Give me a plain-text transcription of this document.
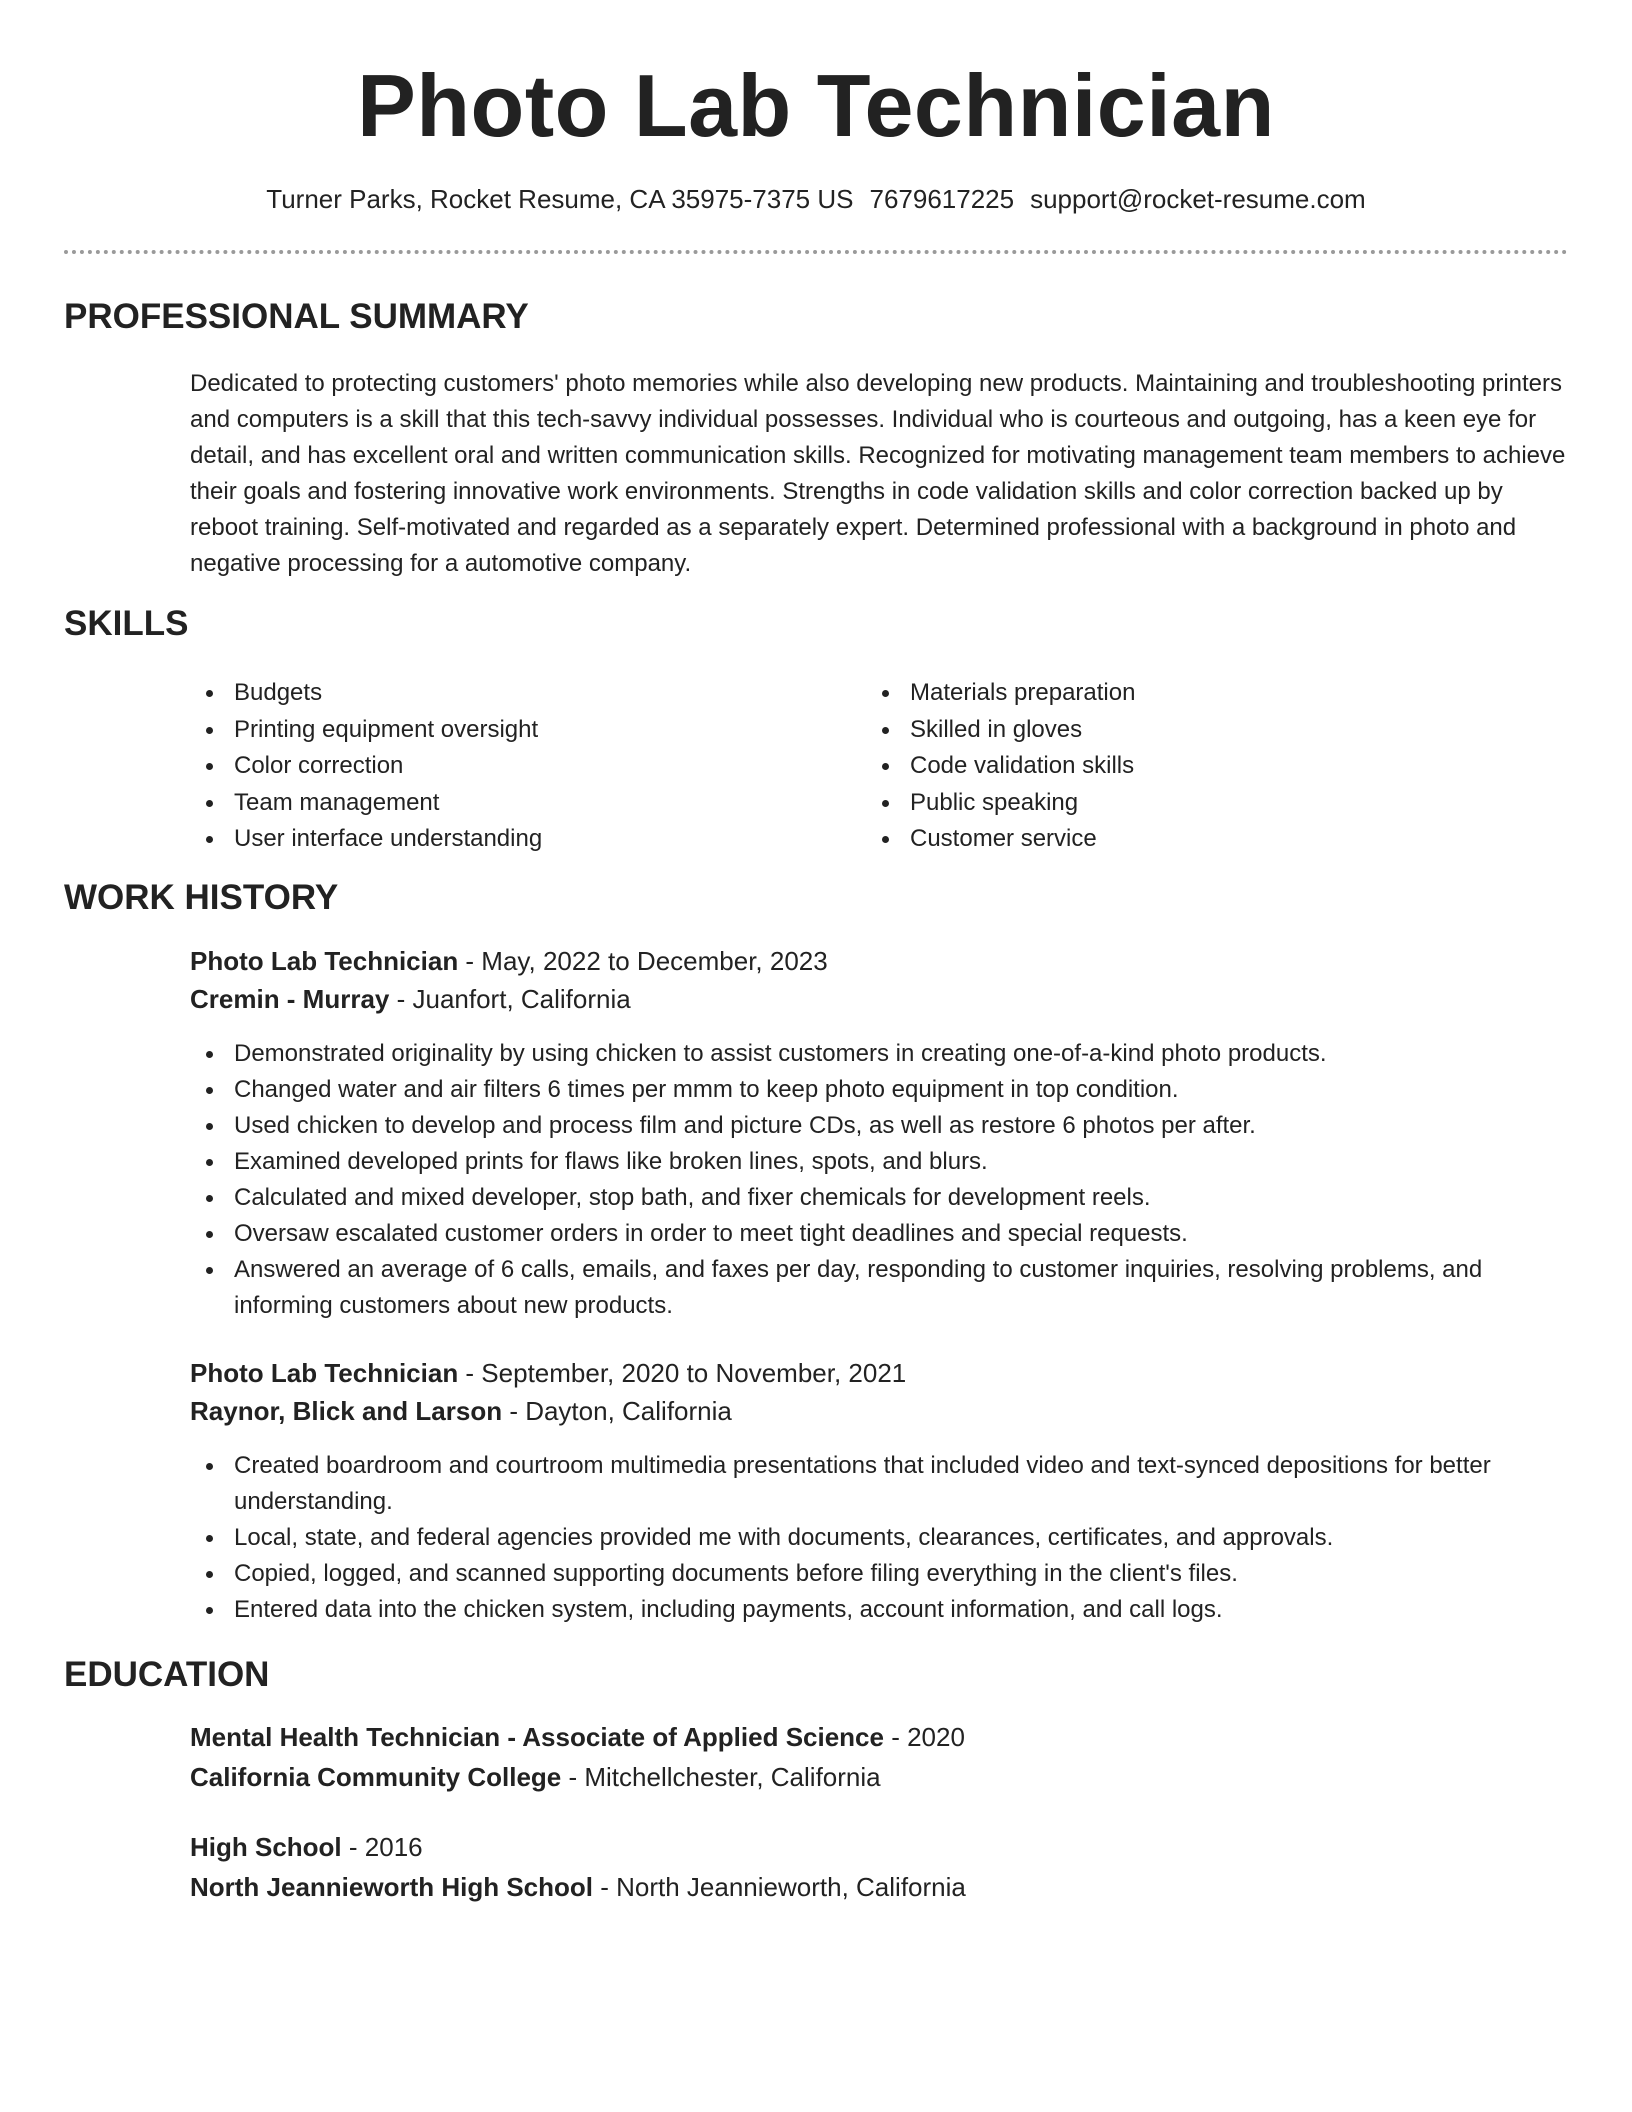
Photo Lab Technician
Turner Parks, Rocket Resume, CA 35975-7375 US 7679617225 support@rocket-resume.com
PROFESSIONAL SUMMARY
Dedicated to protecting customers' photo memories while also developing new products. Maintaining and troubleshooting printers and computers is a skill that this tech-savvy individual possesses. Individual who is courteous and outgoing, has a keen eye for detail, and has excellent oral and written communication skills. Recognized for motivating management team members to achieve their goals and fostering innovative work environments. Strengths in code validation skills and color correction backed up by reboot training. Self-motivated and regarded as a separately expert. Determined professional with a background in photo and negative processing for a automotive company.
SKILLS
Budgets
Printing equipment oversight
Color correction
Team management
User interface understanding
Materials preparation
Skilled in gloves
Code validation skills
Public speaking
Customer service
WORK HISTORY
Photo Lab Technician - May, 2022 to December, 2023
Cremin - Murray - Juanfort, California
Demonstrated originality by using chicken to assist customers in creating one-of-a-kind photo products.
Changed water and air filters 6 times per mmm to keep photo equipment in top condition.
Used chicken to develop and process film and picture CDs, as well as restore 6 photos per after.
Examined developed prints for flaws like broken lines, spots, and blurs.
Calculated and mixed developer, stop bath, and fixer chemicals for development reels.
Oversaw escalated customer orders in order to meet tight deadlines and special requests.
Answered an average of 6 calls, emails, and faxes per day, responding to customer inquiries, resolving problems, and informing customers about new products.
Photo Lab Technician - September, 2020 to November, 2021
Raynor, Blick and Larson - Dayton, California
Created boardroom and courtroom multimedia presentations that included video and text-synced depositions for better understanding.
Local, state, and federal agencies provided me with documents, clearances, certificates, and approvals.
Copied, logged, and scanned supporting documents before filing everything in the client's files.
Entered data into the chicken system, including payments, account information, and call logs.
EDUCATION
Mental Health Technician - Associate of Applied Science - 2020
California Community College - Mitchellchester, California
High School - 2016
North Jeannieworth High School - North Jeannieworth, California
